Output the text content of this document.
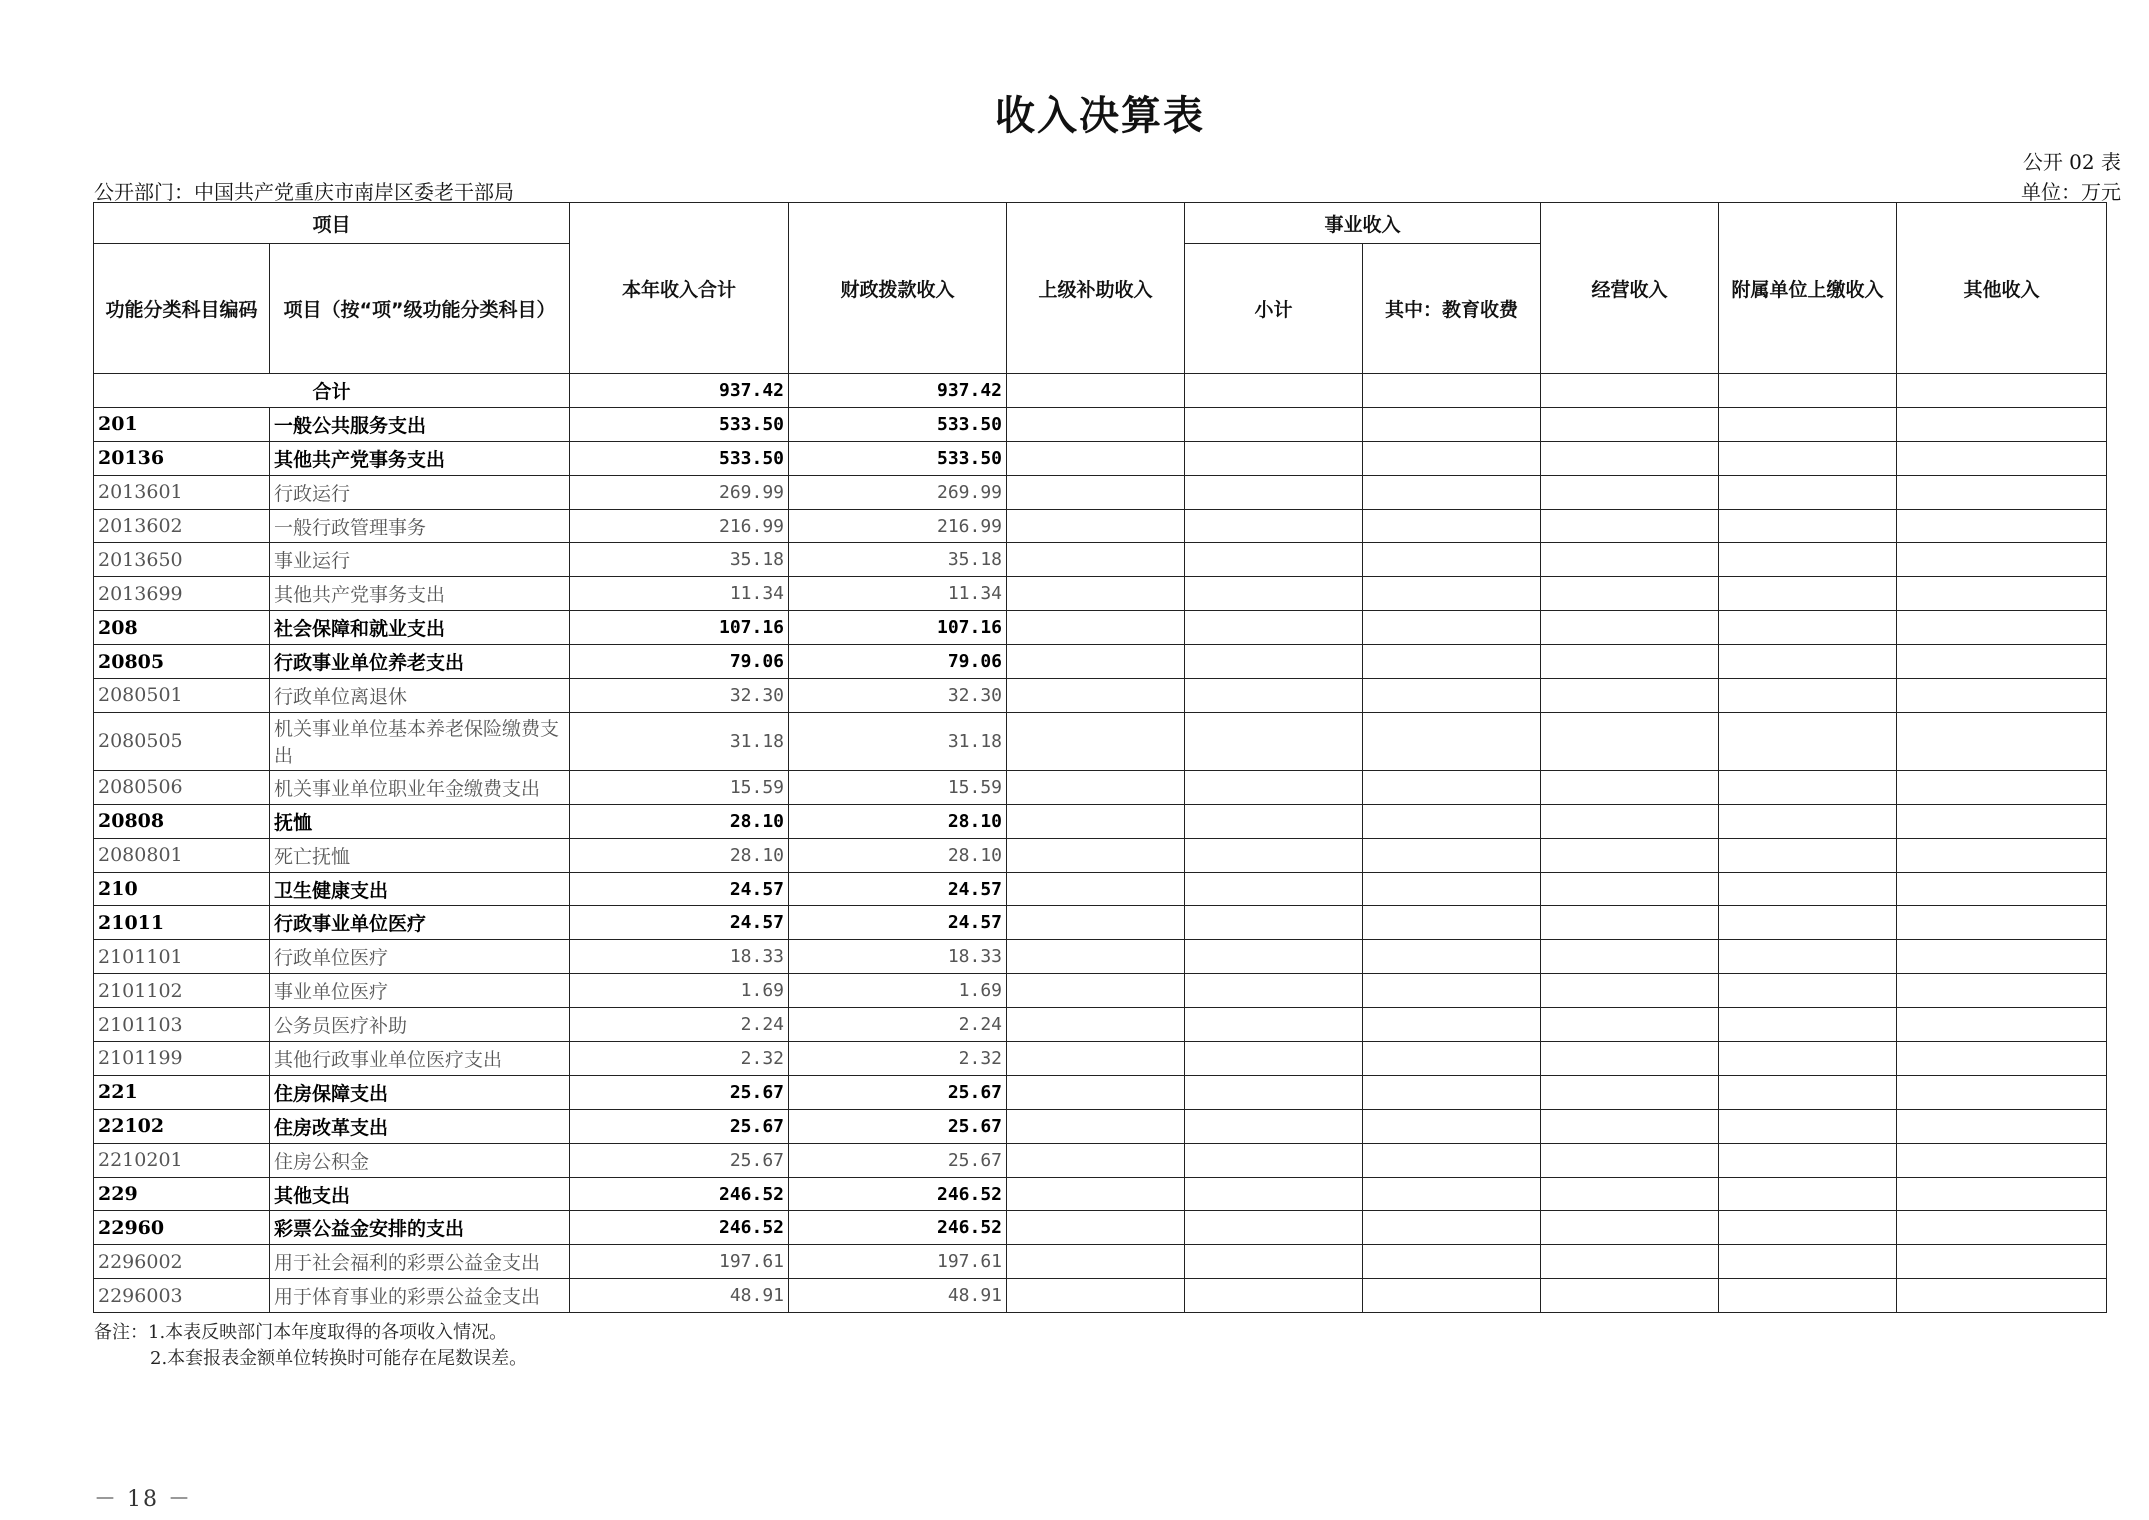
收入决算表
公开 02 表
公开部门：中国共产党重庆市南岸区委老干部局	单位：万元
项目		本年收入合计	财政拨款收入	上级补助收入	事业收入		经营收入	附属单位上缴收入	其他收入
功能分类科目编码	项目（按“项”级功能分类科目）				小计	其中：教育收费			
合计		937.42	937.42						
201	一般公共服务支出	533.50	533.50						
20136	其他共产党事务支出	533.50	533.50						
2013601	行政运行	269.99	269.99						
2013602	一般行政管理事务	216.99	216.99						
2013650	事业运行	35.18	35.18						
2013699	其他共产党事务支出	11.34	11.34						
208	社会保障和就业支出	107.16	107.16						
20805	行政事业单位养老支出	79.06	79.06						
2080501	行政单位离退休	32.30	32.30						
2080505	机关事业单位基本养老保险缴费支出	31.18	31.18						
2080506	机关事业单位职业年金缴费支出	15.59	15.59						
20808	抚恤	28.10	28.10						
2080801	死亡抚恤	28.10	28.10						
210	卫生健康支出	24.57	24.57						
21011	行政事业单位医疗	24.57	24.57						
2101101	行政单位医疗	18.33	18.33						
2101102	事业单位医疗	1.69	1.69						
2101103	公务员医疗补助	2.24	2.24						
2101199	其他行政事业单位医疗支出	2.32	2.32						
221	住房保障支出	25.67	25.67						
22102	住房改革支出	25.67	25.67						
2210201	住房公积金	25.67	25.67						
229	其他支出	246.52	246.52						
22960	彩票公益金安排的支出	246.52	246.52						
2296002	用于社会福利的彩票公益金支出	197.61	197.61						
2296003	用于体育事业的彩票公益金支出	48.91	48.91						
备注：1.本表反映部门本年度取得的各项收入情况。
2.本套报表金额单位转换时可能存在尾数误差。
－ 18 －
